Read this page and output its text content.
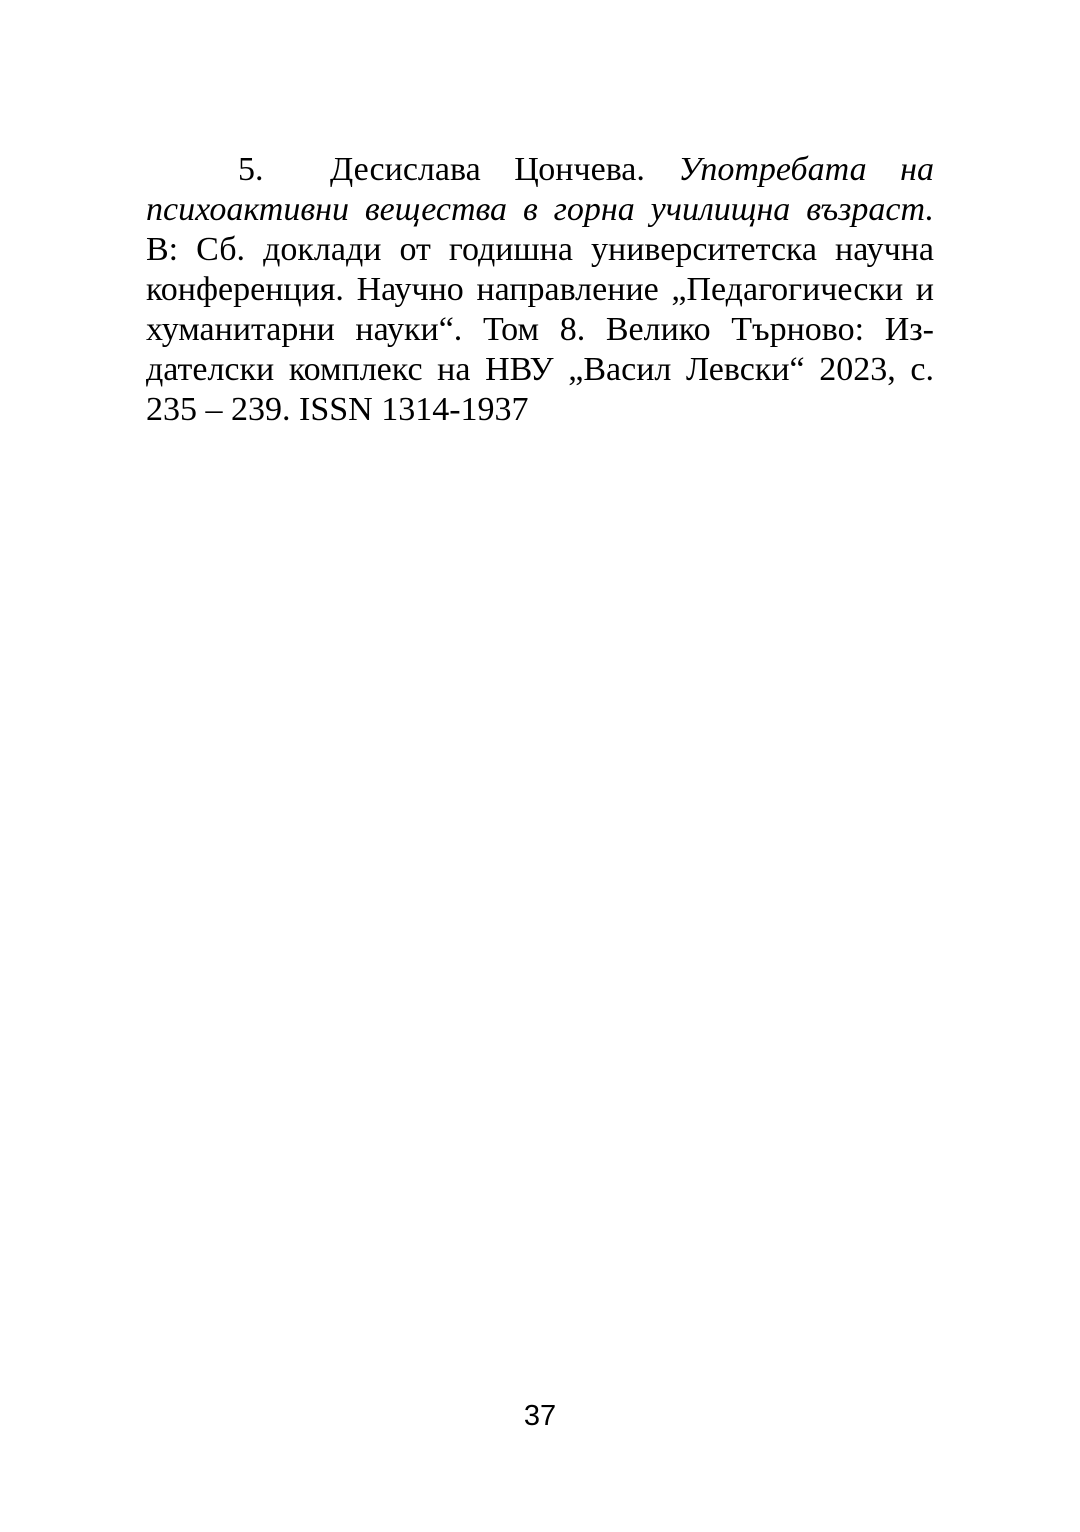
5. Десислава Цончева. Употребата на психоактивни вещества в горна училищна възраст. В: Сб. доклади от годишна университетска научна конференция. Научно направление „Педагогически и хуманитарни науки“. Том 8. Велико Търново: Из-дателски комплекс на НВУ „Васил Левски“ 2023, с. 235 – 239. ISSN 1314-1937

37
